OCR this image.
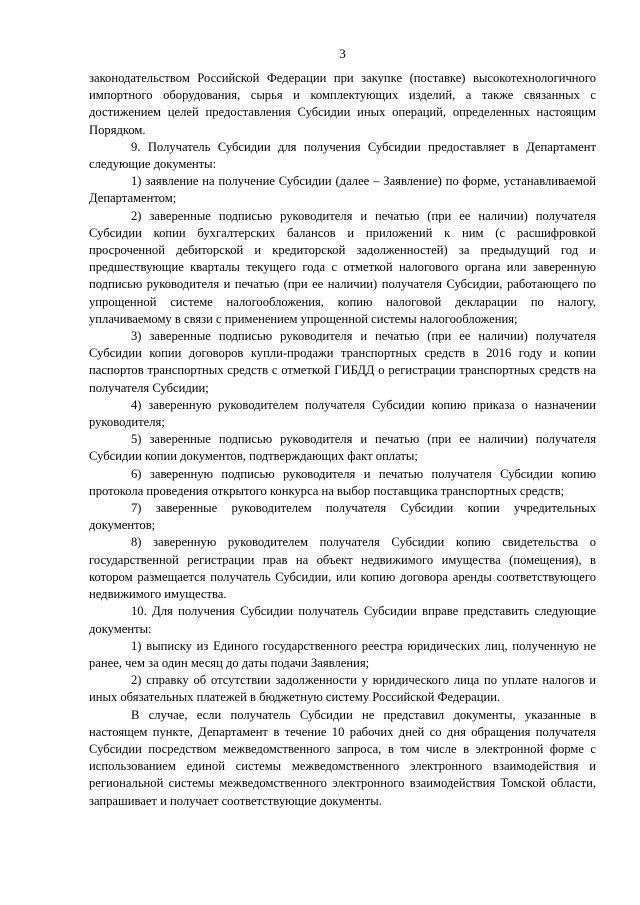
3

законодательством Российской Федерации при закупке (поставке) высокотехнологичного импортного оборудования, сырья и комплектующих изделий, а также связанных с достижением целей предоставления Субсидии иных операций, определенных настоящим Порядком.

9. Получатель Субсидии для получения Субсидии предоставляет в Департамент следующие документы:

1) заявление на получение Субсидии (далее – Заявление) по форме, устанавливаемой Департаментом;

2) заверенные подписью руководителя и печатью (при ее наличии) получателя Субсидии копии бухгалтерских балансов и приложений к ним (с расшифровкой просроченной дебиторской и кредиторской задолженностей) за предыдущий год и предшествующие кварталы текущего года с отметкой налогового органа или заверенную подписью руководителя и печатью (при ее наличии) получателя Субсидии, работающего по упрощенной системе налогообложения, копию налоговой декларации по налогу, уплачиваемому в связи с применением упрощенной системы налогообложения;

3) заверенные подписью руководителя и печатью (при ее наличии) получателя Субсидии копии договоров купли-продажи транспортных средств в 2016 году и копии паспортов транспортных средств с отметкой ГИБДД о регистрации транспортных средств на получателя Субсидии;

4) заверенную руководителем получателя Субсидии копию приказа о назначении руководителя;

5) заверенные подписью руководителя и печатью (при ее наличии) получателя Субсидии копии документов, подтверждающих факт оплаты;

6) заверенную подписью руководителя и печатью получателя Субсидии копию протокола проведения открытого конкурса на выбор поставщика транспортных средств;

7) заверенные руководителем получателя Субсидии копии учредительных документов;

8) заверенную руководителем получателя Субсидии копию свидетельства о государственной регистрации прав на объект недвижимого имущества (помещения), в котором размещается получатель Субсидии, или копию договора аренды соответствующего недвижимого имущества.

10. Для получения Субсидии получатель Субсидии вправе представить следующие документы:

1) выписку из Единого государственного реестра юридических лиц, полученную не ранее, чем за один месяц до даты подачи Заявления;

2) справку об отсутствии задолженности у юридического лица по уплате налогов и иных обязательных платежей в бюджетную систему Российской Федерации.

В случае, если получатель Субсидии не представил документы, указанные в настоящем пункте, Департамент в течение 10 рабочих дней со дня обращения получателя Субсидии посредством межведомственного запроса, в том числе в электронной форме с использованием единой системы межведомственного электронного взаимодействия и региональной системы межведомственного электронного взаимодействия Томской области, запрашивает и получает соответствующие документы.
